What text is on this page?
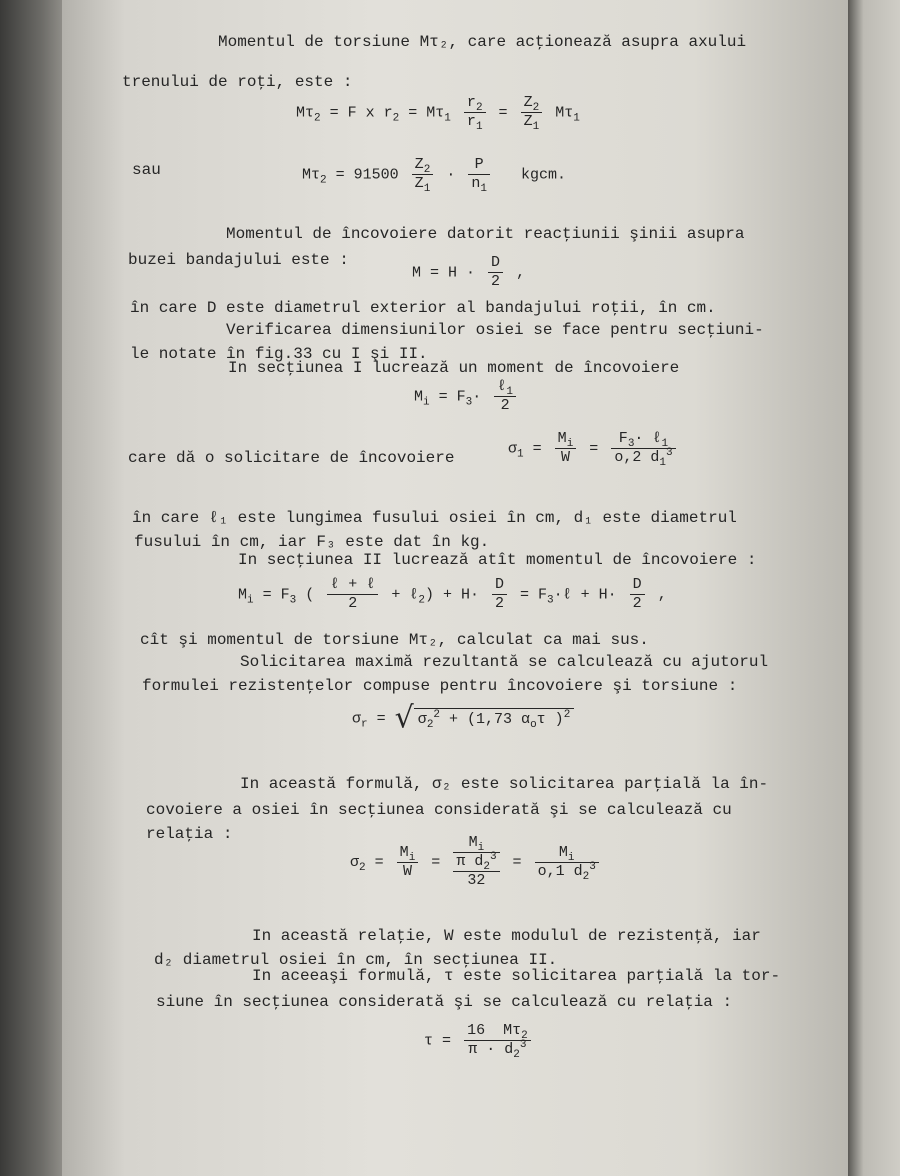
Momentul de torsiune Mτ₂, care acţionează asupra axului
trenului de roţi, este :
$M\tau_2 = F$ x $r_2 = M\tau_1 \frac{r_2}{r_1} = \frac{Z_2}{Z_1} M\tau_1$
sau	$M\tau_2 = 91500 \frac{Z_2}{Z_1} \cdot \frac{P}{n_1}$ kgcm.
Momentul de încovoiere datorit reacţiunii şinii asupra
buzei bandajului este :
$M = H \cdot \frac{D}{2}$ ,
în care D este diametrul exterior al bandajului roţii, în cm.
Verificarea dimensiunilor osiei se face pentru secţiuni-
le notate în fig.33 cu I şi II.
In secţiunea I lucrează un moment de încovoiere
$M_i = F_3\cdot \frac{\ell_1}{2}$
care dă o solicitare de încovoiere
$\sigma_1 = \frac{M_i}{W} = \frac{F_3\cdot \ell_1}{o,2 d_1^3}$
în care ℓ₁ este lungimea fusului osiei în cm, d₁ este diametrul
fusului în cm, iar F₃ este dat în kg.
In secţiunea II lucrează atît momentul de încovoiere :
$M_i = F_3$ ( $\frac{\text{ℓ + ℓ}}{2}$ + ℓ$_2$) + $H\cdot \frac{D}{2}$ = $F_3\cdot\ell + H\cdot \frac{D}{2}$ ,
cît şi momentul de torsiune Mτ₂, calculat ca mai sus.
Solicitarea maximă rezultantă se calculează cu ajutorul
formulei rezistenţelor compuse pentru încovoiere şi torsiune :
$\sigma_r$ = √ $\sigma_2^2 + (1,73$ $\alpha_o\tau$ )$^2$
In această formulă, σ₂ este solicitarea parţială la în-
covoiere a osiei în secţiunea considerată şi se calculează cu
relaţia :
$\sigma_2 = \frac{M_i}{W}$ =
$M_i$
π $d_2^3$
32
= $\frac{M_i}{o,1 d_2^3}$
In această relaţie, W este modulul de rezistenţă, iar
d₂ diametrul osiei în cm, în secţiunea II.
In aceeaşi formulă, τ este solicitarea parţială la tor-
siune în secţiunea considerată şi se calculează cu relaţia :
$\tau = \frac{16 M\tau_2}{\pi \cdot d_2^3}$
